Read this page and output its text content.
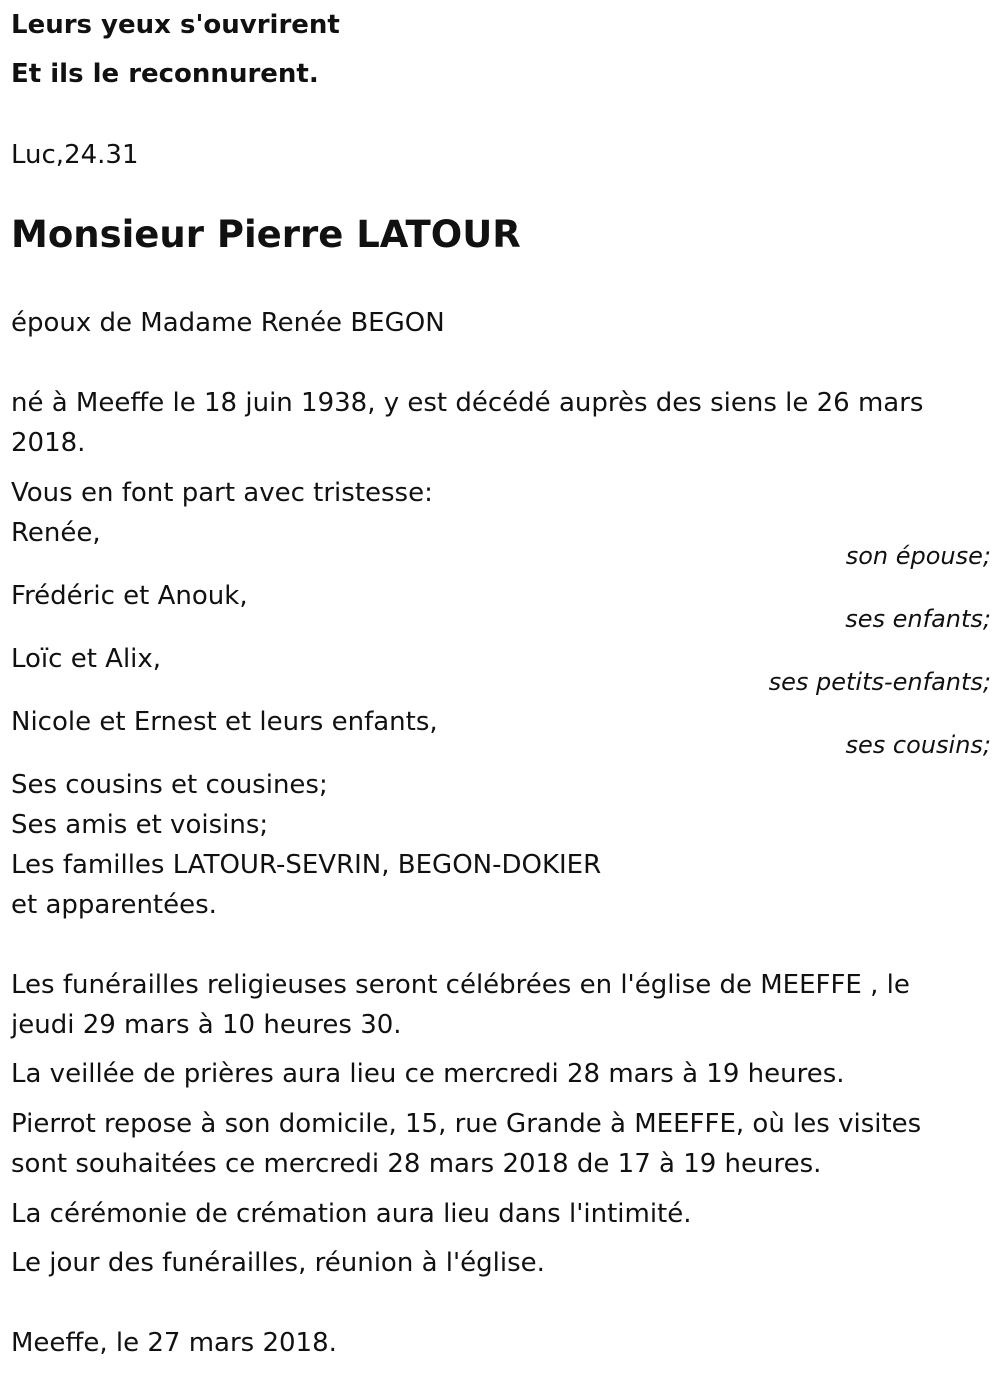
Leurs yeux s'ouvrirent
Et ils le reconnurent.
Luc,24.31
Monsieur Pierre LATOUR
époux de Madame Renée BEGON
né à Meeffe le 18 juin 1938, y est décédé auprès des siens le 26 mars
2018.
Vous en font part avec tristesse:
Renée,
son épouse;
Frédéric et Anouk,
ses enfants;
Loïc et Alix,
ses petits-enfants;
Nicole et Ernest et leurs enfants,
ses cousins;
Ses cousins et cousines;
Ses amis et voisins;
Les familles LATOUR-SEVRIN, BEGON-DOKIER
et apparentées.
Les funérailles religieuses seront célébrées en l'église de MEEFFE , le
jeudi 29 mars à 10 heures 30.
La veillée de prières aura lieu ce mercredi 28 mars à 19 heures.
Pierrot repose à son domicile, 15, rue Grande à MEEFFE, où les visites
sont souhaitées ce mercredi 28 mars 2018 de 17 à 19 heures.
La cérémonie de crémation aura lieu dans l'intimité.
Le jour des funérailles, réunion à l'église.
Meeffe, le 27 mars 2018.
